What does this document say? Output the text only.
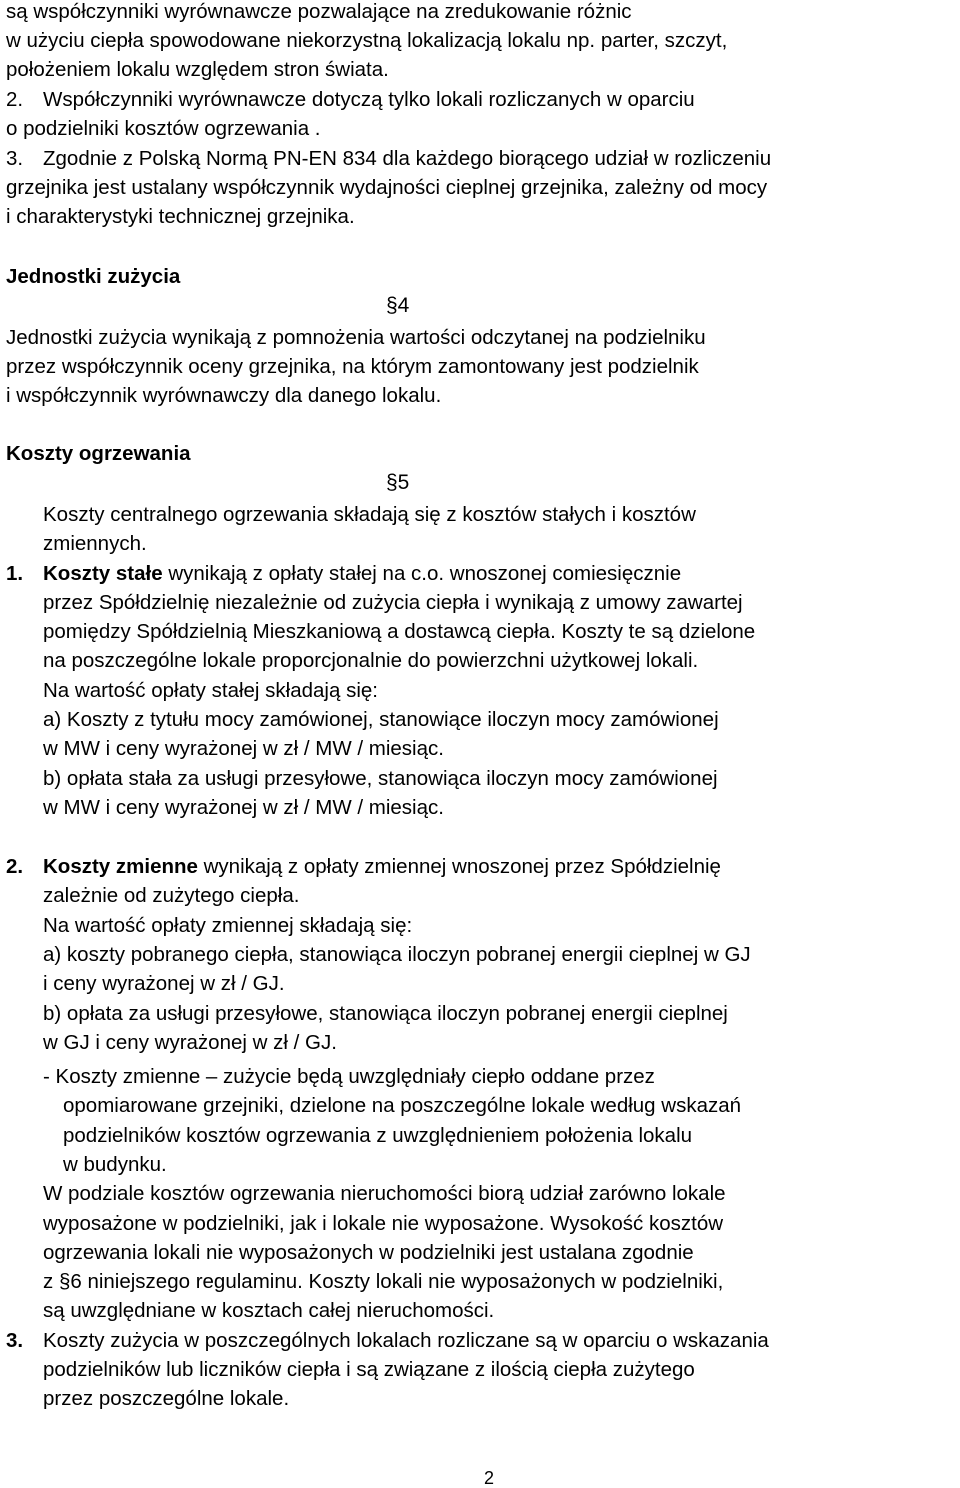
są współczynniki wyrównawcze pozwalające na zredukowanie różnic
w użyciu ciepła spowodowane niekorzystną lokalizacją lokalu np. parter, szczyt,
położeniem lokalu względem stron świata.
2. Współczynniki wyrównawcze dotyczą tylko lokali rozliczanych w oparciu
o podzielniki kosztów ogrzewania .
3. Zgodnie z Polską Normą PN-EN 834 dla każdego biorącego udział w rozliczeniu
grzejnika jest ustalany współczynnik wydajności cieplnej grzejnika, zależny od mocy
i charakterystyki technicznej grzejnika.
Jednostki zużycia
§4
Jednostki zużycia wynikają z pomnożenia wartości odczytanej na podzielniku
przez współczynnik oceny grzejnika, na którym zamontowany jest podzielnik
i współczynnik wyrównawczy dla danego lokalu.
Koszty ogrzewania
§5
Koszty centralnego ogrzewania składają się z kosztów stałych i kosztów
zmiennych.
1. Koszty stałe wynikają z opłaty stałej na c.o. wnoszonej comiesięcznie
przez Spółdzielnię niezależnie od zużycia ciepła i wynikają z umowy zawartej
pomiędzy Spółdzielnią Mieszkaniową a dostawcą ciepła. Koszty te są dzielone
na poszczególne lokale proporcjonalnie do powierzchni użytkowej lokali.
Na wartość opłaty stałej składają się:
a) Koszty z tytułu mocy zamówionej, stanowiące iloczyn mocy zamówionej
w MW i ceny wyrażonej w zł / MW / miesiąc.
b) opłata stała za usługi przesyłowe, stanowiąca iloczyn mocy zamówionej
w MW i ceny wyrażonej w zł / MW / miesiąc.
2. Koszty zmienne wynikają z opłaty zmiennej wnoszonej przez Spółdzielnię
zależnie od zużytego ciepła.
Na wartość opłaty zmiennej składają się:
a) koszty pobranego ciepła, stanowiąca iloczyn pobranej energii cieplnej w GJ
i ceny wyrażonej w zł / GJ.
b) opłata za usługi przesyłowe, stanowiąca iloczyn pobranej energii cieplnej
w GJ i ceny wyrażonej w zł / GJ.
- Koszty zmienne – zużycie będą uwzględniały ciepło oddane przez
opomiarowane grzejniki, dzielone na poszczególne lokale według wskazań
podzielników kosztów ogrzewania z uwzględnieniem położenia lokalu
w budynku.
W podziale kosztów ogrzewania nieruchomości biorą udział zarówno lokale
wyposażone w podzielniki, jak i lokale nie wyposażone. Wysokość kosztów
ogrzewania lokali nie wyposażonych w podzielniki jest ustalana zgodnie
z §6 niniejszego regulaminu. Koszty lokali nie wyposażonych w podzielniki,
są uwzględniane w kosztach całej nieruchomości.
3. Koszty zużycia w poszczególnych lokalach rozliczane są w oparciu o wskazania
podzielników lub liczników ciepła i są związane z ilością ciepła zużytego
przez poszczególne lokale.
2
